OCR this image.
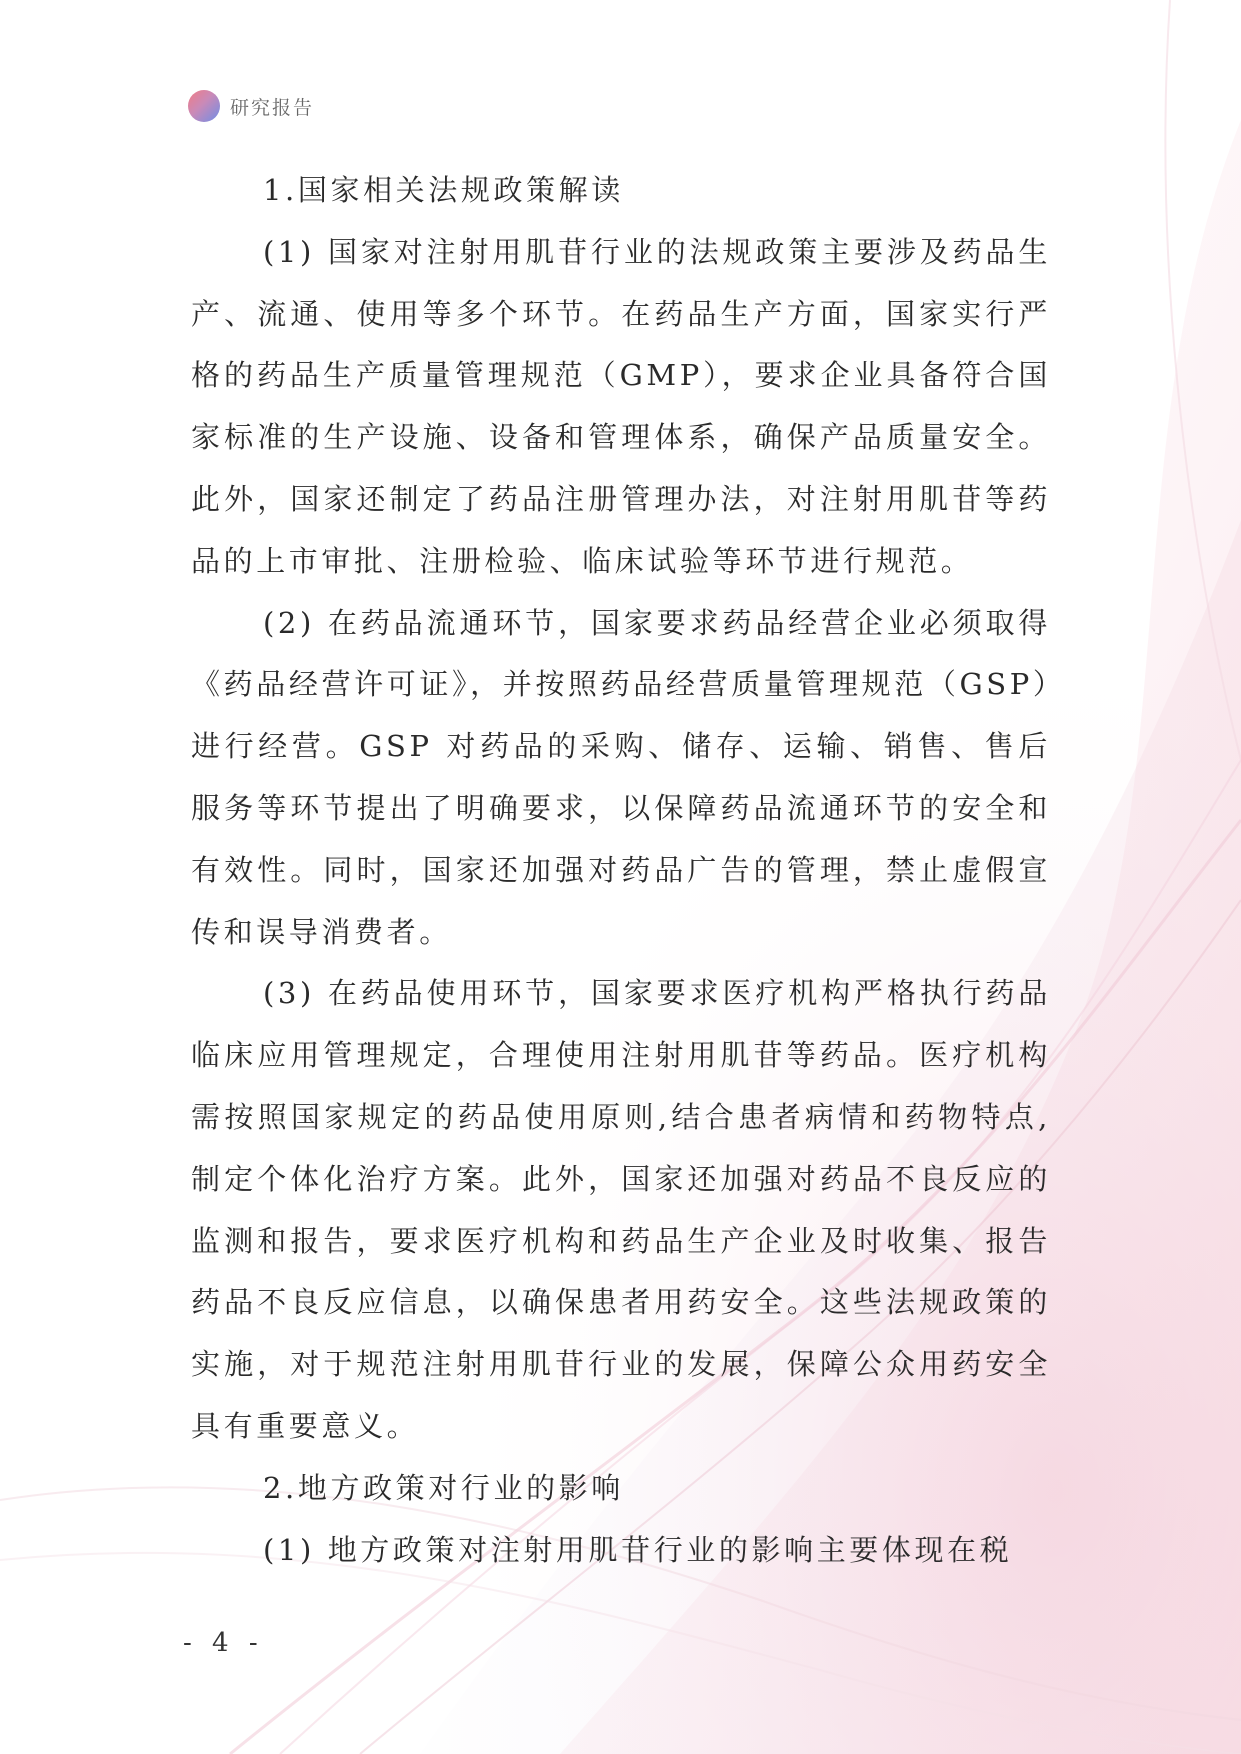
研究报告

1.国家相关法规政策解读

(1) 国家对注射用肌苷行业的法规政策主要涉及药品生产、流通、使用等多个环节。在药品生产方面，国家实行严格的药品生产质量管理规范（GMP），要求企业具备符合国家标准的生产设施、设备和管理体系，确保产品质量安全。此外，国家还制定了药品注册管理办法，对注射用肌苷等药品的上市审批、注册检验、临床试验等环节进行规范。

(2) 在药品流通环节，国家要求药品经营企业必须取得《药品经营许可证》，并按照药品经营质量管理规范（GSP）进行经营。GSP 对药品的采购、储存、运输、销售、售后服务等环节提出了明确要求，以保障药品流通环节的安全和有效性。同时，国家还加强对药品广告的管理，禁止虚假宣传和误导消费者。

(3) 在药品使用环节，国家要求医疗机构严格执行药品临床应用管理规定，合理使用注射用肌苷等药品。医疗机构需按照国家规定的药品使用原则,结合患者病情和药物特点,制定个体化治疗方案。此外，国家还加强对药品不良反应的监测和报告，要求医疗机构和药品生产企业及时收集、报告药品不良反应信息，以确保患者用药安全。这些法规政策的实施，对于规范注射用肌苷行业的发展，保障公众用药安全具有重要意义。

2.地方政策对行业的影响

(1) 地方政策对注射用肌苷行业的影响主要体现在税

- 4 -
